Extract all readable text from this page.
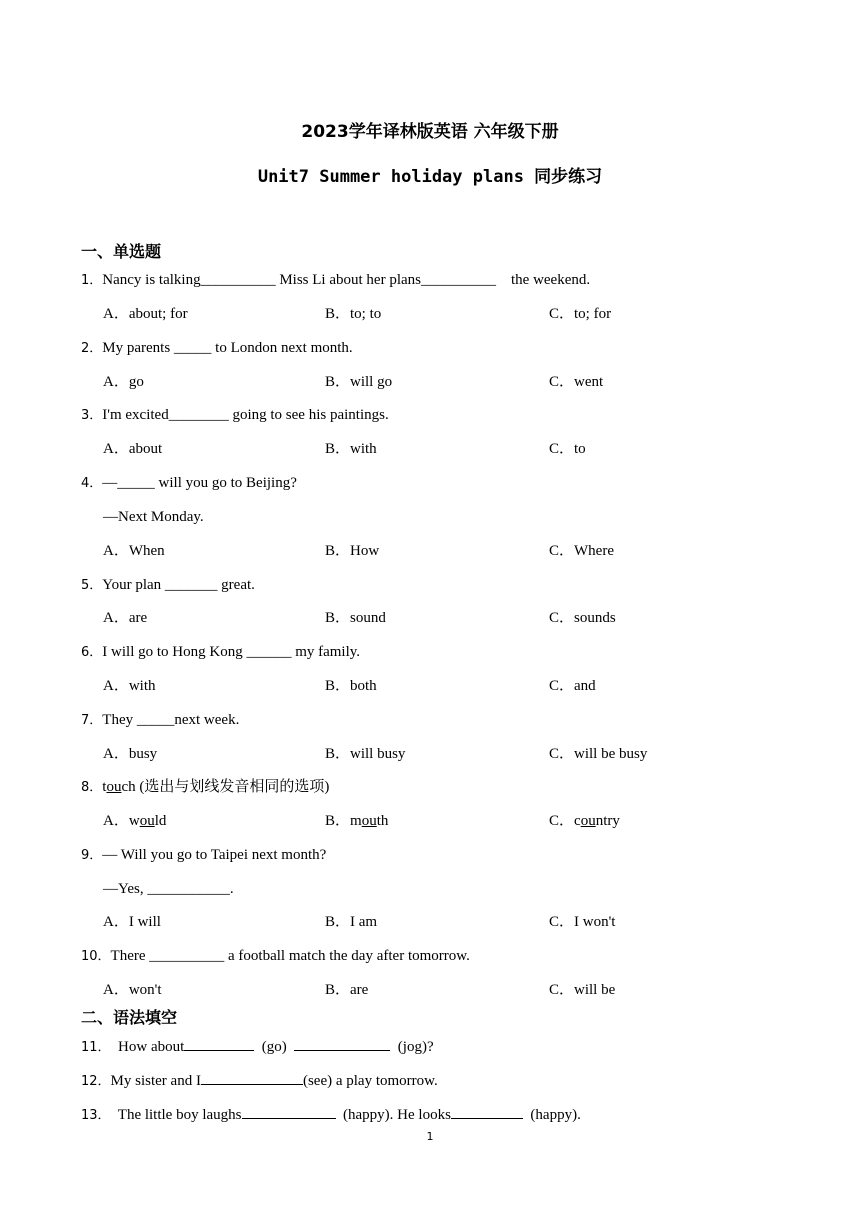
2023学年译林版英语 六年级下册
Unit7 Summer holiday plans 同步练习
一、单选题
1．Nancy is talking__________ Miss Li about her plans__________    the weekend.
A．about; for	B．to; to	C．to; for
2．My parents _____ to London next month.
A．go	B．will go	C．went
3．I'm excited________ going to see his paintings.
A．about	B．with	C．to
4．—_____ will you go to Beijing?
—Next Monday.
A．When	B．How	C．Where
5．Your plan _______ great.
A．are	B．sound	C．sounds
6．I will go to Hong Kong ______ my family.
A．with	B．both	C．and
7．They _____next week.
A．busy	B．will busy	C．will be busy
8．touch (选出与划线发音相同的选项)
A．would	B．mouth	C．country
9．— Will you go to Taipei next month?
—Yes, ___________.
A．I will	B．I am	C．I won't
10．There __________ a football match the day after tomorrow.
A．won't	B．are	C．will be
二、语法填空
11．  How about	(go)	(jog)?
12．My sister and I	(see) a play tomorrow.
13．  The little boy laughs	(happy). He looks	(happy).
1
